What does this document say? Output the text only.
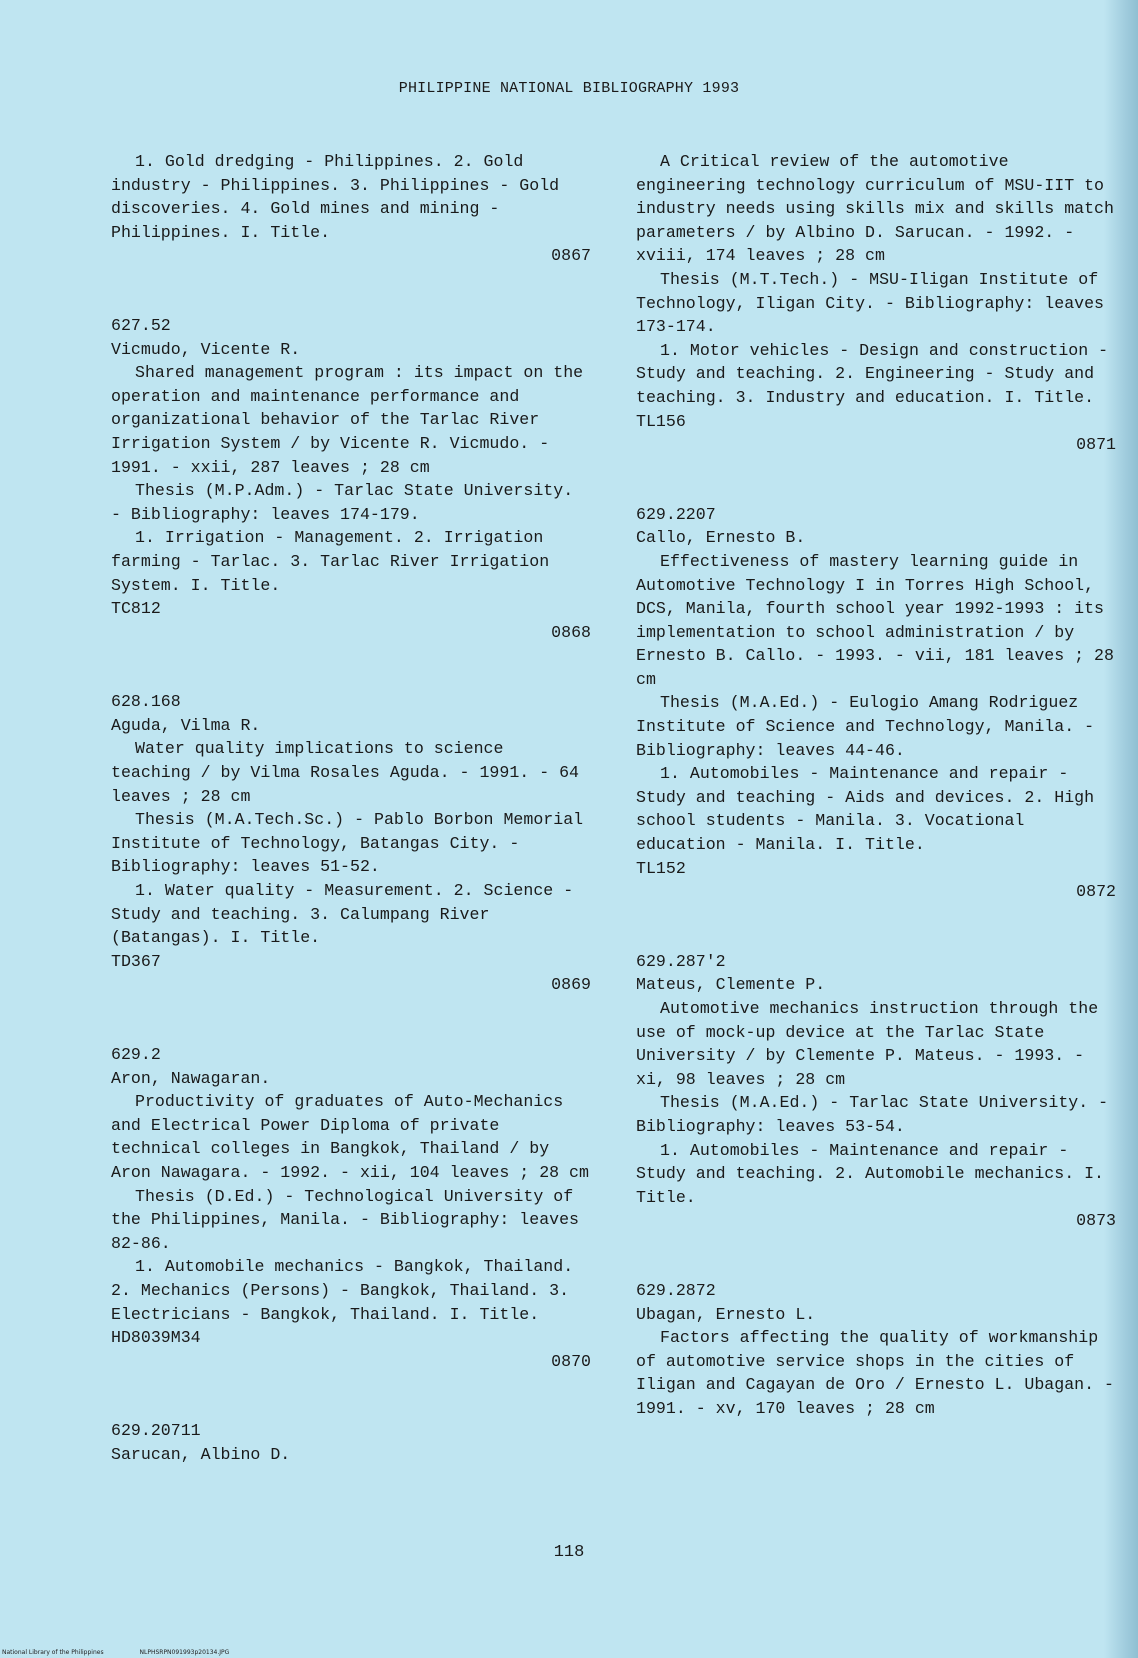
PHILIPPINE NATIONAL BIBLIOGRAPHY 1993

1. Gold dredging - Philippines. 2. Gold industry - Philippines. 3. Philippines - Gold discoveries. 4. Gold mines and mining - Philippines. I. Title.

0867

627.52

Vicmudo, Vicente R.

Shared management program : its impact on the operation and maintenance performance and organizational behavior of the Tarlac River Irrigation System / by Vicente R. Vicmudo. - 1991. - xxii, 287 leaves ; 28 cm

Thesis (M.P.Adm.) - Tarlac State University. - Bibliography: leaves 174-179.

1. Irrigation - Management. 2. Irrigation farming - Tarlac. 3. Tarlac River Irrigation System. I. Title.

TC812

0868

628.168

Aguda, Vilma R.

Water quality implications to science teaching / by Vilma Rosales Aguda. - 1991. - 64 leaves ; 28 cm

Thesis (M.A.Tech.Sc.) - Pablo Borbon Memorial Institute of Technology, Batangas City. - Bibliography: leaves 51-52.

1. Water quality - Measurement. 2. Science - Study and teaching. 3. Calumpang River (Batangas). I. Title.

TD367

0869

629.2

Aron, Nawagaran.

Productivity of graduates of Auto-Mechanics and Electrical Power Diploma of private technical colleges in Bangkok, Thailand / by Aron Nawagara. - 1992. - xii, 104 leaves ; 28 cm

Thesis (D.Ed.) - Technological University of the Philippines, Manila. - Bibliography: leaves 82-86.

1. Automobile mechanics - Bangkok, Thailand. 2. Mechanics (Persons) - Bangkok, Thailand. 3. Electricians - Bangkok, Thailand. I. Title.

HD8039M34

0870

629.20711

Sarucan, Albino D.

A Critical review of the automotive engineering technology curriculum of MSU-IIT to industry needs using skills mix and skills match parameters / by Albino D. Sarucan. - 1992. - xviii, 174 leaves ; 28 cm

Thesis (M.T.Tech.) - MSU-Iligan Institute of Technology, Iligan City. - Bibliography: leaves 173-174.

1. Motor vehicles - Design and construction - Study and teaching. 2. Engineering - Study and teaching. 3. Industry and education. I. Title.

TL156

0871

629.2207

Callo, Ernesto B.

Effectiveness of mastery learning guide in Automotive Technology I in Torres High School, DCS, Manila, fourth school year 1992-1993 : its implementation to school administration / by Ernesto B. Callo. - 1993. - vii, 181 leaves ; 28 cm

Thesis (M.A.Ed.) - Eulogio Amang Rodriguez Institute of Science and Technology, Manila. - Bibliography: leaves 44-46.

1. Automobiles - Maintenance and repair - Study and teaching - Aids and devices. 2. High school students - Manila. 3. Vocational education - Manila. I. Title.

TL152

0872

629.287'2

Mateus, Clemente P.

Automotive mechanics instruction through the use of mock-up device at the Tarlac State University / by Clemente P. Mateus. - 1993. - xi, 98 leaves ; 28 cm

Thesis (M.A.Ed.) - Tarlac State University. - Bibliography: leaves 53-54.

1. Automobiles - Maintenance and repair - Study and teaching. 2. Automobile mechanics. I. Title.

0873

629.2872

Ubagan, Ernesto L.

Factors affecting the quality of workmanship of automotive service shops in the cities of Iligan and Cagayan de Oro / Ernesto L. Ubagan. - 1991. - xv, 170 leaves ; 28 cm

118
National Library of the Philippines	NLPHSRPN091993p20134.JPG
